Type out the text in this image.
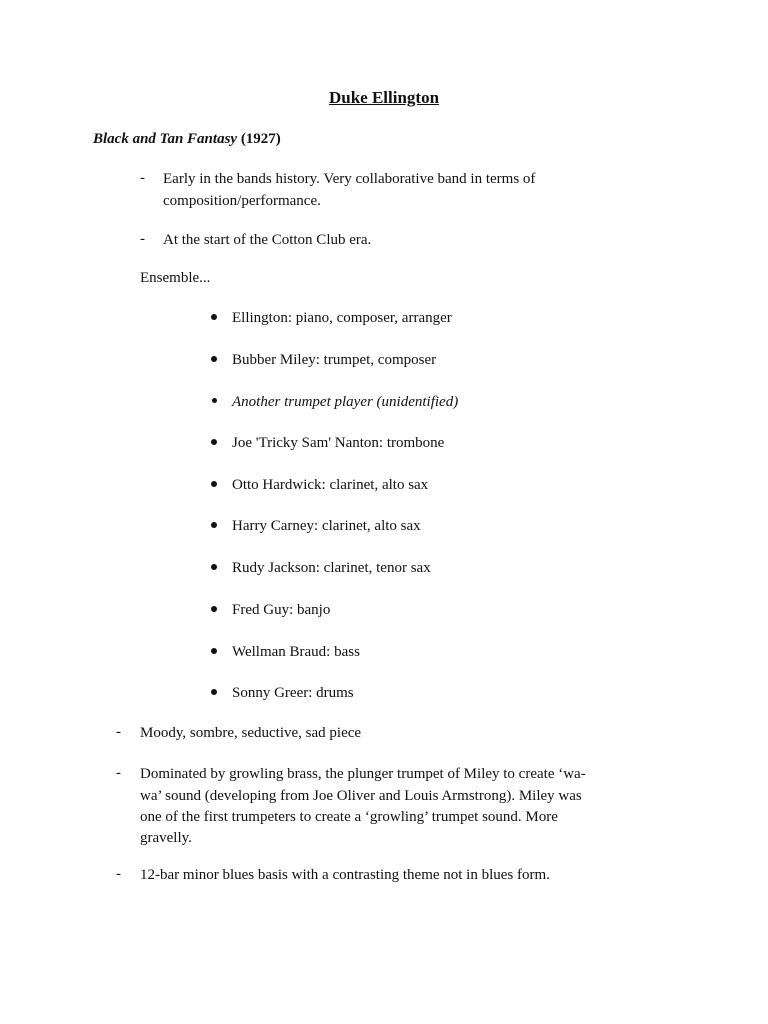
Duke Ellington
Black and Tan Fantasy (1927)
- Early in the bands history. Very collaborative band in terms of
composition/performance.
- At the start of the Cotton Club era.
Ensemble...
Ellington: piano, composer, arranger
Bubber Miley: trumpet, composer
Another trumpet player (unidentified)
Joe 'Tricky Sam' Nanton: trombone
Otto Hardwick: clarinet, alto sax
Harry Carney: clarinet, alto sax
Rudy Jackson: clarinet, tenor sax
Fred Guy: banjo
Wellman Braud: bass
Sonny Greer: drums
- Moody, sombre, seductive, sad piece
- Dominated by growling brass, the plunger trumpet of Miley to create ‘wa-
wa’ sound (developing from Joe Oliver and Louis Armstrong). Miley was
one of the first trumpeters to create a ‘growling’ trumpet sound. More
gravelly.
- 12-bar minor blues basis with a contrasting theme not in blues form.
